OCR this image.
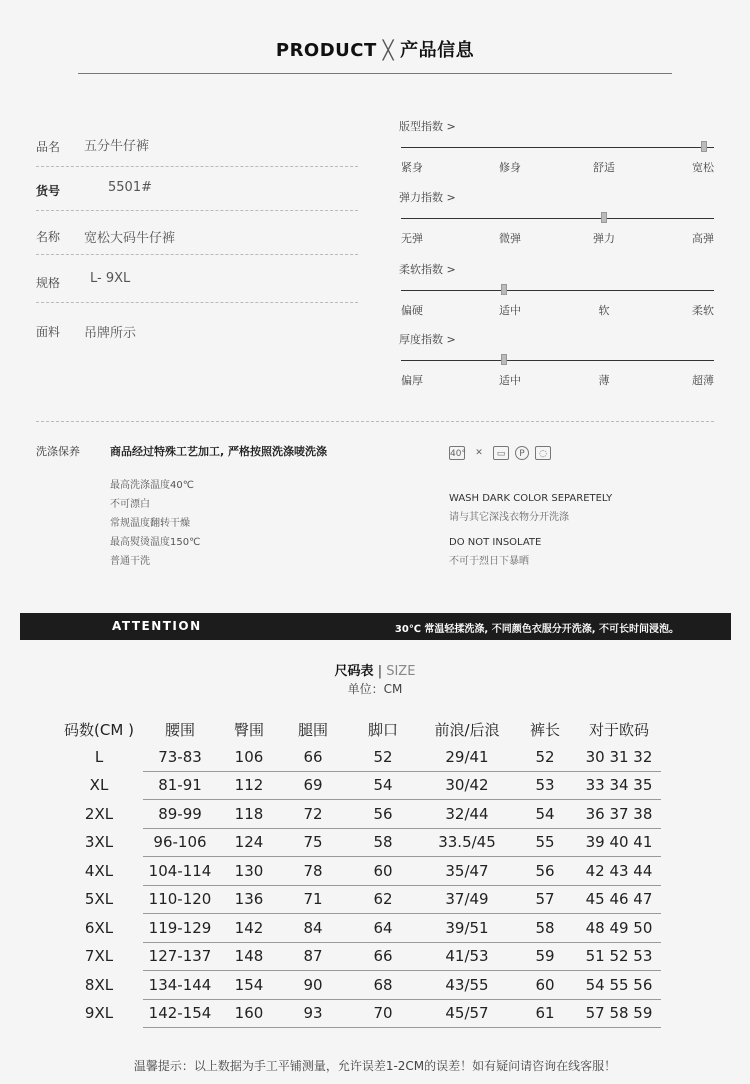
PRODUCT ╳ 产品信息
品名 五分牛仔裤
货号	5501#
名称 宽松大码牛仔裤
规格 L- 9XL
面料 吊牌所示
版型指数 >
紧身	修身	舒适	宽松
弹力指数 >
无弹	微弹	弹力	高弹
柔软指数 >
偏硬	适中	软	柔软
厚度指数 >
偏厚	适中	薄	超薄
洗涤保养	商品经过特殊工艺加工, 严格按照洗涤唛洗涤
最高洗涤温度40℃
不可漂白
常规温度翻转干燥
最高熨烫温度150℃
普通干洗
40°	✕	▭	P	◌
WASH DARK COLOR SEPARETELY
请与其它深浅衣物分开洗涤
DO NOT INSOLATE
不可于烈日下暴晒
ATTENTION	30℃ 常温轻揉洗涤, 不同颜色衣服分开洗涤, 不可长时间浸泡。
尺码表 | SIZE
单位：CM
码数(CM )	腰围	臀围	腿围	脚口	前浪/后浪	裤长	对于欧码
L	73-83	106	66	52	29/41	52	30 31 32
XL	81-91	112	69	54	30/42	53	33 34 35
2XL	89-99	118	72	56	32/44	54	36 37 38
3XL	96-106	124	75	58	33.5/45	55	39 40 41
4XL	104-114	130	78	60	35/47	56	42 43 44
5XL	110-120	136	71	62	37/49	57	45 46 47
6XL	119-129	142	84	64	39/51	58	48 49 50
7XL	127-137	148	87	66	41/53	59	51 52 53
8XL	134-144	154	90	68	43/55	60	54 55 56
9XL	142-154	160	93	70	45/57	61	57 58 59
温馨提示：以上数据为手工平铺测量，允许误差1-2CM的误差！如有疑问请咨询在线客服！
